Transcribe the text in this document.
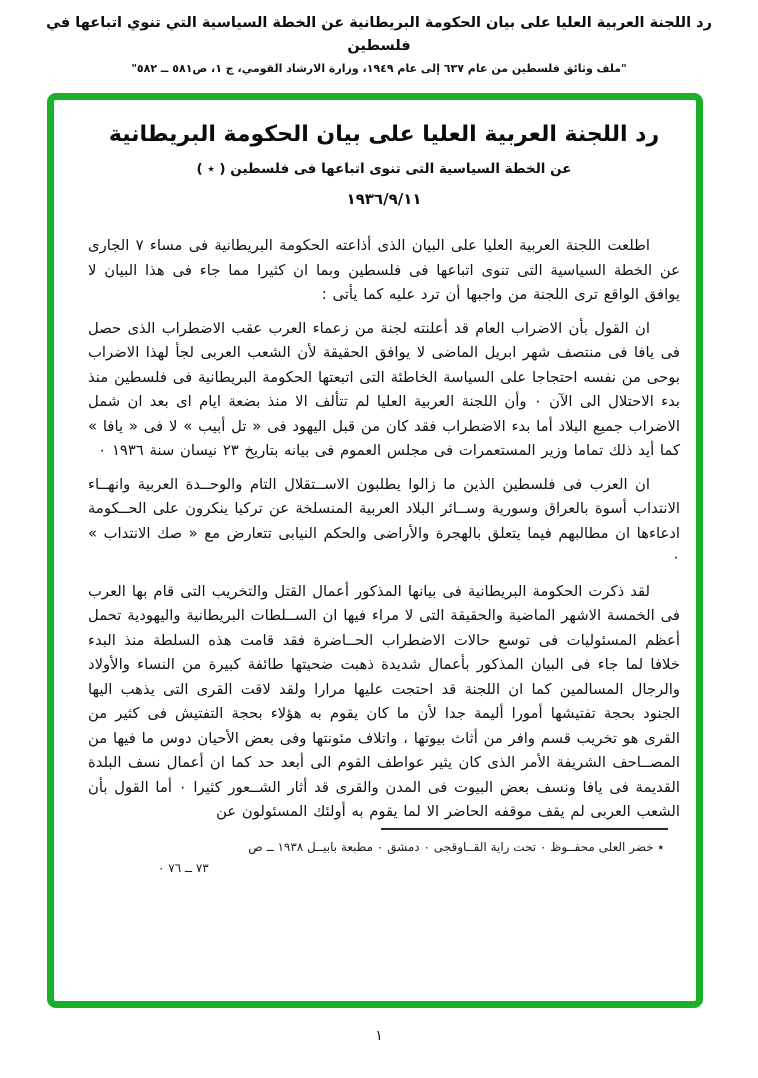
رد اللجنة العربية العليا على بيان الحكومة البريطانية عن الخطة السياسية التي تنوي اتباعها في فلسطين
"ملف وثائق فلسطين من عام ٦٣٧ إلى عام ١٩٤٩، وزارة الارشاد القومي، ج ١، ص٥٨١ ــ ٥٨٢"
رد اللجنة العربية العليا على بيان الحكومة البريطانية
عن الخطة السياسية التى تنوى اتباعها فى فلسطين ( ٭ )
١٩٣٦/٩/١١

اطلعت اللجنة العربية العليا على البيان الذى أذاعته الحكومة البريطانية فى مساء ٧ الجارى عن الخطة السياسية التى تنوى اتباعها فى فلسطين وبما ان كثيرا مما جاء فى هذا البيان لا يوافق الواقع ترى اللجنة من واجبها أن ترد عليه كما يأتى :

ان القول بأن الاضراب العام قد أعلنته لجنة من زعماء العرب عقب الاضطراب الذى حصل فى يافا فى منتصف شهر ابريل الماضى لا يوافق الحقيقة لأن الشعب العربى لجأ لهذا الاضراب بوحى من نفسه احتجاجا على السياسة الخاطئة التى اتبعتها الحكومة البريطانية فى فلسطين منذ بدء الاحتلال الى الآن ٠ وأن اللجنة العربية العليا لم تتألف الا منذ بضعة ايام اى بعد ان شمل الاضراب جميع البلاد أما بدء الاضطراب فقد كان من قبل اليهود فى « تل أبيب » لا فى « يافا » كما أيد ذلك تماما وزير المستعمرات فى مجلس العموم فى بيانه بتاريخ ٢٣ نيسان سنة ١٩٣٦ ٠

ان العرب فى فلسطين الذين ما زالوا يطلبون الاســتقلال التام والوحــدة العربية وانهــاء الانتداب أسوة بالعراق وسورية وســائر البلاد العربية المنسلخة عن تركيا ينكرون على الحــكومة ادعاءها ان مطالبهم فيما يتعلق بالهجرة والأراضى والحكم النيابى تتعارض مع « صك الانتداب » ٠

لقد ذكرت الحكومة البريطانية فى بيانها المذكور أعمال القتل والتخريب التى قام بها العرب فى الخمسة الاشهر الماضية والحقيقة التى لا مراء فيها ان الســلطات البريطانية واليهودية تحمل أعظم المسئوليات فى توسع حالات الاضطراب الحــاضرة فقد قامت هذه السلطة منذ البدء خلافا لما جاء فى البيان المذكور بأعمال شديدة ذهبت ضحيتها طائفة كبيرة من النساء والأولاد والرجال المسالمين كما ان اللجنة قد احتجت عليها مرارا ولقد لاقت القرى التى يذهب اليها الجنود بحجة تفتيشها أمورا أليمة جدا لأن ما كان يقوم به هؤلاء بحجة التفتيش فى كثير من القرى هو تخريب قسم وافر من أثاث بيوتها ، واتلاف مئونتها وفى بعض الأحيان دوس ما فيها من المصــاحف الشريفة الأمر الذى كان يثير عواطف القوم الى أبعد حد كما ان أعمال نسف البلدة القديمة فى يافا ونسف بعض البيوت فى المدن والقرى قد أثار الشــعور كثيرا ٠ أما القول بأن الشعب العربى لم يقف موقفه الحاضر الا لما يقوم به أولئك المسئولون عن

٭ خضر العلى محفــوظ ٠ تحت راية القــاوقجى ٠ دمشق ٠ مطبعة بابيــل ١٩٣٨ ــ ص
٧٣ ــ ٧٦ ٠
١
